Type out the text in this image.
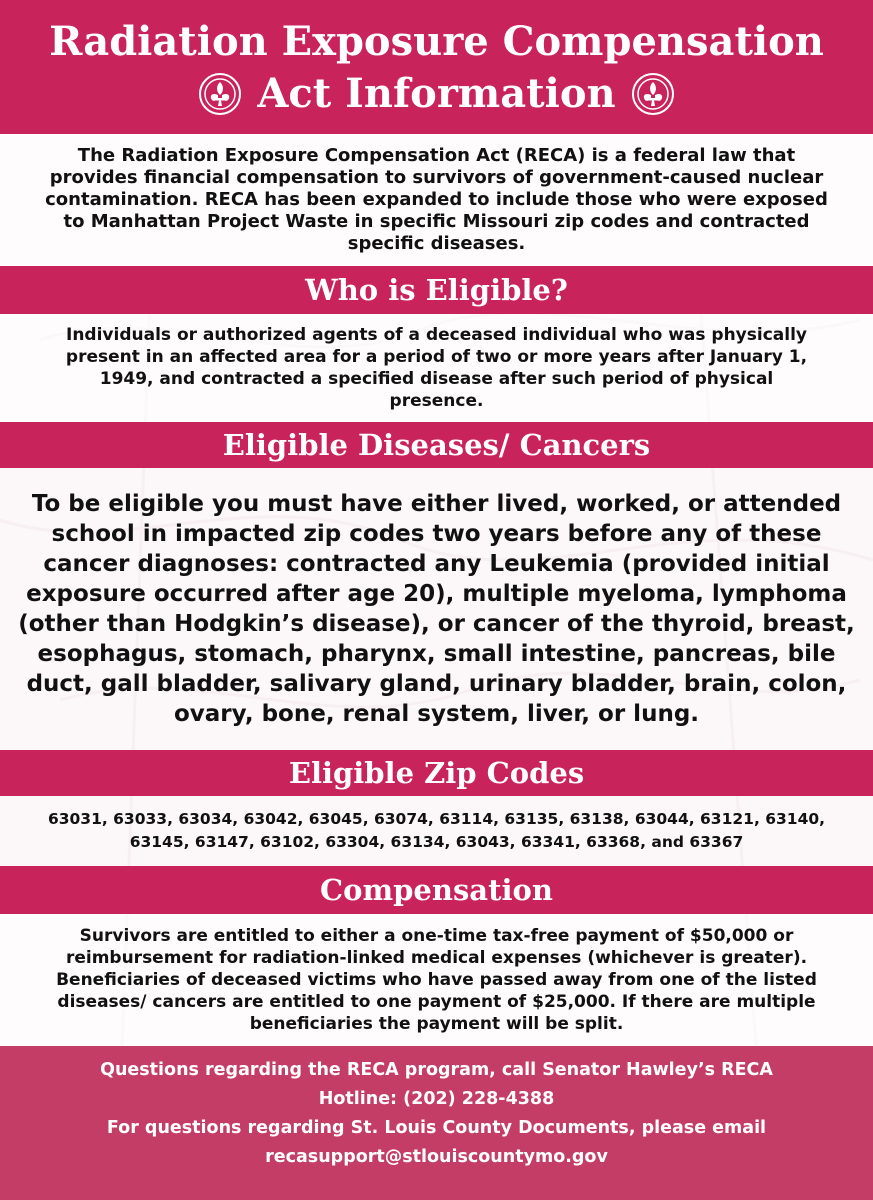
Radiation Exposure Compensation
Act Information

The Radiation Exposure Compensation Act (RECA) is a federal law that provides financial compensation to survivors of government-caused nuclear contamination. RECA has been expanded to include those who were exposed to Manhattan Project Waste in specific Missouri zip codes and contracted specific diseases.

Who is Eligible?

Individuals or authorized agents of a deceased individual who was physically present in an affected area for a period of two or more years after January 1, 1949, and contracted a specified disease after such period of physical presence.

Eligible Diseases/ Cancers

To be eligible you must have either lived, worked, or attended school in impacted zip codes two years before any of these cancer diagnoses: contracted any Leukemia (provided initial exposure occurred after age 20), multiple myeloma, lymphoma (other than Hodgkin’s disease), or cancer of the thyroid, breast, esophagus, stomach, pharynx, small intestine, pancreas, bile duct, gall bladder, salivary gland, urinary bladder, brain, colon, ovary, bone, renal system, liver, or lung.

Eligible Zip Codes

63031, 63033, 63034, 63042, 63045, 63074, 63114, 63135, 63138, 63044, 63121, 63140, 63145, 63147, 63102, 63304, 63134, 63043, 63341, 63368, and 63367

Compensation

Survivors are entitled to either a one-time tax-free payment of $50,000 or reimbursement for radiation-linked medical expenses (whichever is greater). Beneficiaries of deceased victims who have passed away from one of the listed diseases/ cancers are entitled to one payment of $25,000. If there are multiple beneficiaries the payment will be split.

Questions regarding the RECA program, call Senator Hawley’s RECA

Hotline: (202) 228-4388

For questions regarding St. Louis County Documents, please email

recasupport@stlouiscountymo.gov
